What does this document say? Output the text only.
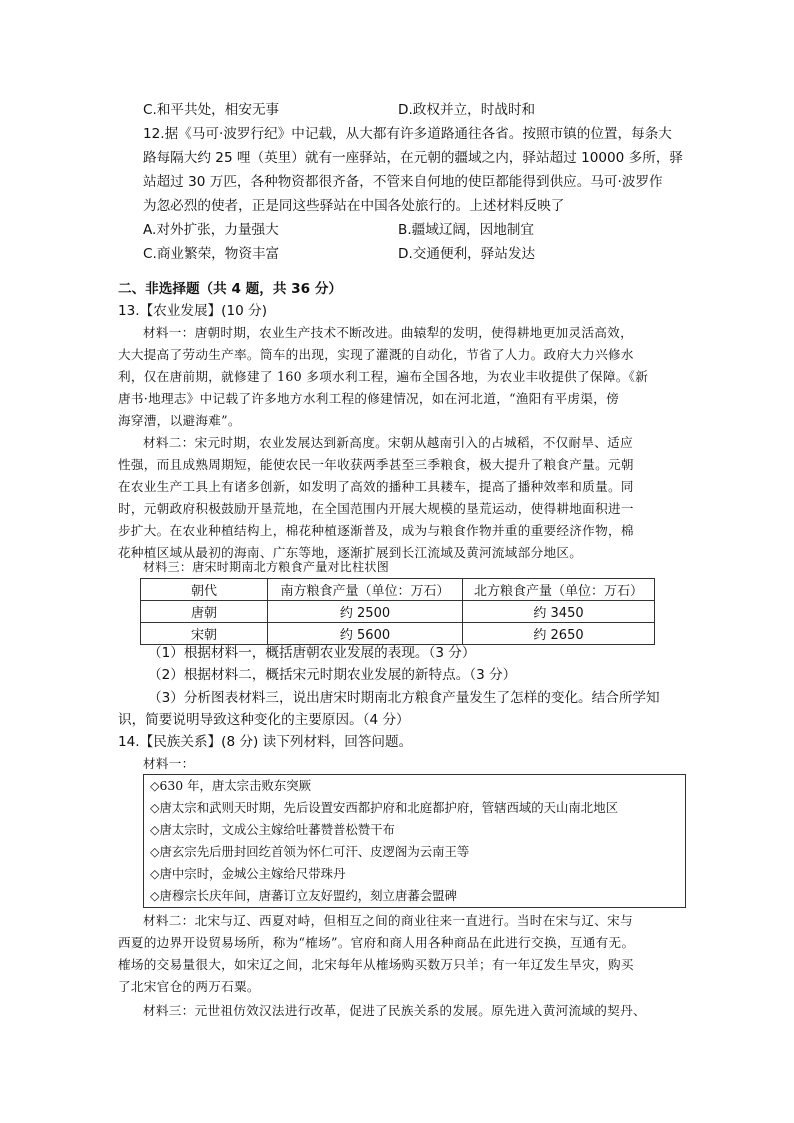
C.和平共处，相安无事	D.政权并立，时战时和
12.据《马可·波罗行纪》中记载，从大都有许多道路通往各省。按照市镇的位置，每条大
路每隔大约 25 哩（英里）就有一座驿站，在元朝的疆域之内，驿站超过 10000 多所，驿
站超过 30 万匹，各种物资都很齐备，不管来自何地的使臣都能得到供应。马可·波罗作
为忽必烈的使者，正是同这些驿站在中国各处旅行的。上述材料反映了
A.对外扩张，力量强大	B.疆域辽阔，因地制宜
C.商业繁荣，物资丰富	D.交通便利，驿站发达
二、非选择题（共 4 题，共 36 分）
13.【农业发展】(10 分)
材料一：唐朝时期，农业生产技术不断改进。曲辕犁的发明，使得耕地更加灵活高效，
大大提高了劳动生产率。筒车的出现，实现了灌溉的自动化，节省了人力。政府大力兴修水
利，仅在唐前期，就修建了 160 多项水利工程，遍布全国各地，为农业丰收提供了保障。《新
唐书·地理志》中记载了许多地方水利工程的修建情况，如在河北道，“渔阳有平虏渠，傍
海穿漕，以避海难”。
材料二：宋元时期，农业发展达到新高度。宋朝从越南引入的占城稻，不仅耐旱、适应
性强，而且成熟周期短，能使农民一年收获两季甚至三季粮食，极大提升了粮食产量。元朝
在农业生产工具上有诸多创新，如发明了高效的播种工具耧车，提高了播种效率和质量。同
时，元朝政府积极鼓励开垦荒地，在全国范围内开展大规模的垦荒运动，使得耕地面积进一
步扩大。在农业种植结构上，棉花种植逐渐普及，成为与粮食作物并重的重要经济作物，棉
花种植区域从最初的海南、广东等地，逐渐扩展到长江流域及黄河流域部分地区。
材料三：唐宋时期南北方粮食产量对比柱状图
朝代	南方粮食产量（单位：万石）	北方粮食产量（单位：万石）
唐朝	约 2500	约 3450
宋朝	约 5600	约 2650
（1）根据材料一，概括唐朝农业发展的表现。（3 分）
（2）根据材料二，概括宋元时期农业发展的新特点。（3 分）
（3）分析图表材料三，说出唐宋时期南北方粮食产量发生了怎样的变化。结合所学知
识，简要说明导致这种变化的主要原因。（4 分）
14.【民族关系】(8 分) 读下列材料，回答问题。
材料一：
◇630 年，唐太宗击败东突厥
◇唐太宗和武则天时期，先后设置安西都护府和北庭都护府，管辖西域的天山南北地区
◇唐太宗时，文成公主嫁给吐蕃赞普松赞干布
◇唐玄宗先后册封回纥首领为怀仁可汗、皮逻阁为云南王等
◇唐中宗时，金城公主嫁给尺带珠丹
◇唐穆宗长庆年间，唐蕃订立友好盟约，刻立唐蕃会盟碑
材料二：北宋与辽、西夏对峙，但相互之间的商业往来一直进行。当时在宋与辽、宋与
西夏的边界开设贸易场所，称为“榷场”。官府和商人用各种商品在此进行交换，互通有无。
榷场的交易量很大，如宋辽之间，北宋每年从榷场购买数万只羊；有一年辽发生旱灾，购买
了北宋官仓的两万石粟。
材料三：元世祖仿效汉法进行改革，促进了民族关系的发展。原先进入黄河流域的契丹、
